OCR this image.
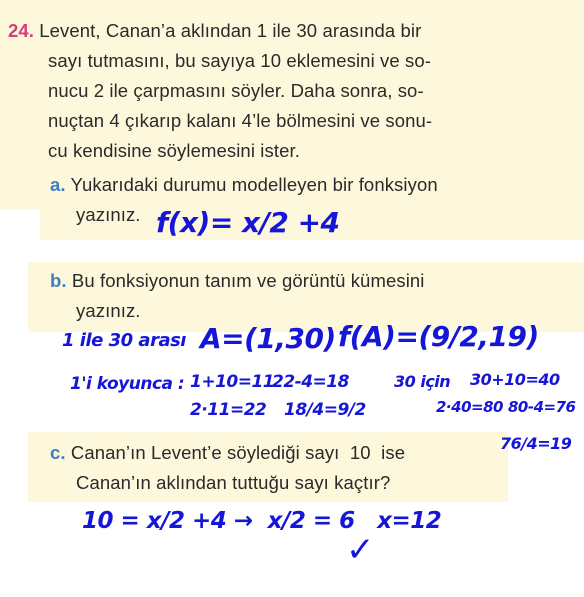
24. Levent, Canan’a aklından 1 ile 30 arasında bir
sayı tutmasını, bu sayıya 10 eklemesini ve so-
nucu 2 ile çarpmasını söyler. Daha sonra, so-
nuçtan 4 çıkarıp kalanı 4’le bölmesini ve sonu-
cu kendisine söylemesini ister.
a. Yukarıdaki durumu modelleyen bir fonksiyon
yazınız. f(x)= x/2 +4
b. Bu fonksiyonun tanım ve görüntü kümesini
yazınız.
1 ile 30 arası A=(1,30) f(A)=(9/2,19)
1'i koyunca : 1+10=11
22-4=18
2·11=22 18/4=9/2
30 için 30+10=40
2·40=80 80-4=76
76/4=19
c. Canan’ın Levent’e söylediği sayı  10  ise
Canan’ın aklından tuttuğu sayı kaçtır?
10 = x/2 +4 →  x/2 = 6   x=12
✓
